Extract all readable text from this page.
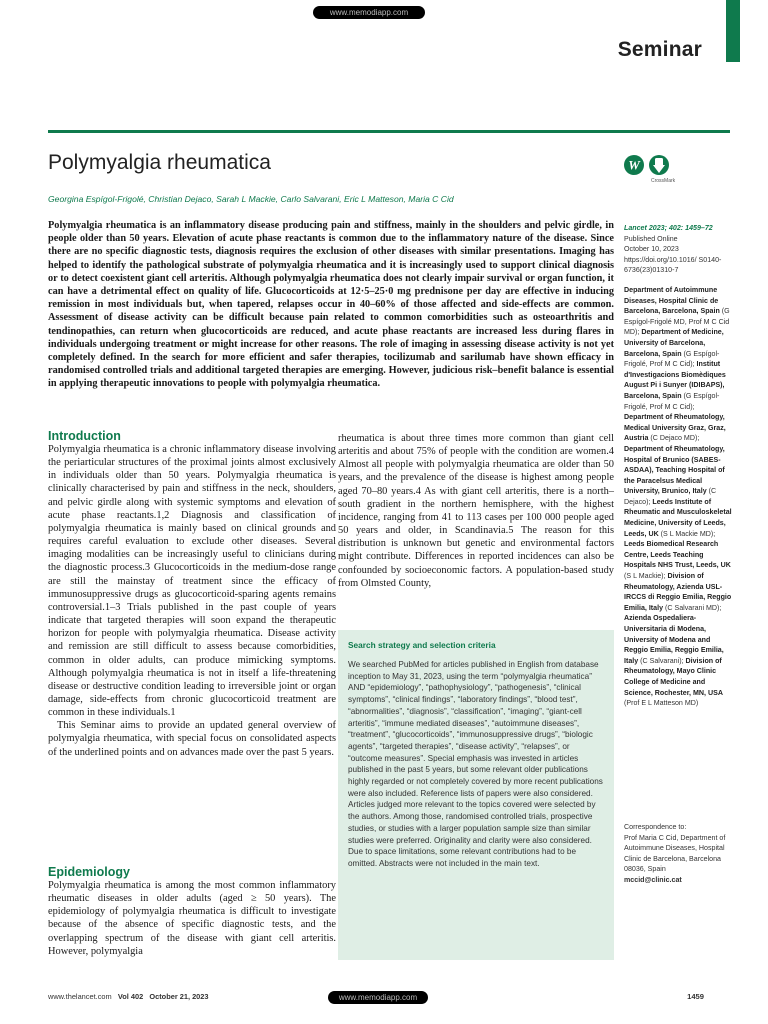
www.memodiapp.com
Seminar
Polymyalgia rheumatica	W
CrossMark
Georgina Espígol-Frigolé, Christian Dejaco, Sarah L Mackie, Carlo Salvarani, Eric L Matteson, Maria C Cid

Polymyalgia rheumatica is an inflammatory disease producing pain and stiffness, mainly in the shoulders and pelvic girdle, in people older than 50 years. Elevation of acute phase reactants is common due to the inflammatory nature of the disease. Since there are no specific diagnostic tests, diagnosis requires the exclusion of other diseases with similar presentations. Imaging has helped to identify the pathological substrate of polymyalgia rheumatica and it is increasingly used to support clinical diagnosis or to detect coexistent giant cell arteritis. Although polymyalgia rheumatica does not clearly impair survival or organ function, it can have a detrimental effect on quality of life. Glucocorticoids at 12·5–25·0 mg prednisone per day are effective in inducing remission in most individuals but, when tapered, relapses occur in 40–60% of those affected and side-effects are common. Assessment of disease activity can be difficult because pain related to common comorbidities such as osteoarthritis and tendinopathies, can return when glucocorticoids are reduced, and acute phase reactants are increased less during flares in individuals undergoing treatment or might increase for other reasons. The role of imaging in assessing disease activity is not yet completely defined. In the search for more efficient and safer therapies, tocilizumab and sarilumab have shown efficacy in randomised controlled trials and additional targeted therapies are emerging. However, judicious risk–benefit balance is essential in applying therapeutic innovations to people with polymyalgia rheumatica.

Lancet 2023; 402: 1459–72
Published Online
October 10, 2023
https://doi.org/10.1016/ S0140-6736(23)01310-7

Department of Autoimmune Diseases, Hospital Clinic de Barcelona, Barcelona, Spain (G Espígol-Frigolé MD, Prof M C Cid MD); Department of Medicine, University of Barcelona, Barcelona, Spain (G Espígol-Frigolé, Prof M C Cid); Institut d'Investigacions Biomèdiques August Pi i Sunyer (IDIBAPS), Barcelona, Spain (G Espígol-Frigolé, Prof M C Cid); Department of Rheumatology, Medical University Graz, Graz, Austria (C Dejaco MD); Department of Rheumatology, Hospital of Brunico (SABES-ASDAA), Teaching Hospital of the Paracelsus Medical University, Brunico, Italy (C Dejaco); Leeds Institute of Rheumatic and Musculoskeletal Medicine, University of Leeds, Leeds, UK (S L Mackie MD); Leeds Biomedical Research Centre, Leeds Teaching Hospitals NHS Trust, Leeds, UK (S L Mackie); Division of Rheumatology, Azienda USL-IRCCS di Reggio Emilia, Reggio Emilia, Italy (C Salvarani MD); Azienda Ospedaliera-Universitaria di Modena, University of Modena and Reggio Emilia, Reggio Emilia, Italy (C Salvarani); Division of Rheumatology, Mayo Clinic College of Medicine and Science, Rochester, MN, USA (Prof E L Matteson MD)

Correspondence to:
Prof Maria C Cid, Department of Autoimmune Diseases, Hospital Clinic de Barcelona, Barcelona 08036, Spain
mccid@clinic.cat

Introduction

Polymyalgia rheumatica is a chronic inflammatory disease involving the periarticular structures of the proximal joints almost exclusively in individuals older than 50 years. Polymyalgia rheumatica is clinically characterised by pain and stiffness in the neck, shoulders, and pelvic girdle along with systemic symptoms and elevation of acute phase reactants.1,2 Diagnosis and classification of polymyalgia rheumatica is mainly based on clinical grounds and requires careful evaluation to exclude other diseases. Several imaging modalities can be increasingly useful to clinicians during the diagnostic process.3 Glucocorticoids in the medium-dose range are still the mainstay of treatment since the efficacy of immunosuppressive drugs as glucocorticoid-sparing agents remains controversial.1–3 Trials published in the past couple of years indicate that targeted therapies will soon expand the therapeutic horizon for people with polymyalgia rheumatica. Disease activity and remission are still difficult to assess because comorbidities, common in older adults, can produce mimicking symptoms. Although polymyalgia rheumatica is not in itself a life-threatening disease or destructive condition leading to irreversible joint or organ damage, side-effects from chronic glucocorticoid treatment are common in these individuals.1

This Seminar aims to provide an updated general overview of polymyalgia rheumatica, with special focus on consolidated aspects of the underlined points and on advances made over the past 5 years.

Epidemiology

Polymyalgia rheumatica is among the most common inflammatory rheumatic diseases in older adults (aged ≥ 50 years). The epidemiology of polymyalgia rheumatica is difficult to investigate because of the absence of specific diagnostic tests, and the overlapping spectrum of the disease with giant cell arteritis. However, polymyalgia

rheumatica is about three times more common than giant cell arteritis and about 75% of people with the condition are women.4 Almost all people with polymyalgia rheumatica are older than 50 years, and the prevalence of the disease is highest among people aged 70–80 years.4 As with giant cell arteritis, there is a north–south gradient in the northern hemisphere, with the highest incidence, ranging from 41 to 113 cases per 100 000 people aged 50 years and older, in Scandinavia.5 The reason for this distribution is unknown but genetic and environmental factors might contribute. Differences in reported incidences can also be confounded by socioeconomic factors. A population-based study from Olmsted County,

Search strategy and selection criteria

We searched PubMed for articles published in English from database inception to May 31, 2023, using the term “polymyalgia rheumatica” AND “epidemiology”, “pathophysiology”, “pathogenesis”, “clinical symptoms”, “clinical findings”, “laboratory findings”, “blood test”, “abnormalities”, “diagnosis”, “classification”, “imaging”, “giant-cell arteritis”, “immune mediated diseases”, “autoimmune diseases”, “treatment”, “glucocorticoids”, “immunosuppressive drugs”, “biologic agents”, “targeted therapies”, “disease activity”, “relapses”, or “outcome measures”. Special emphasis was invested in articles published in the past 5 years, but some relevant older publications highly regarded or not completely covered by more recent publications were also included. Reference lists of papers were also considered. Articles judged more relevant to the topics covered were selected by the authors. Among those, randomised controlled trials, prospective studies, or studies with a larger population sample size than similar studies were preferred. Originality and clarity were also considered. Due to space limitations, some relevant contributions had to be omitted. Abstracts were not included in the main text.

www.thelancet.com Vol 402 October 21, 2023	www.memodiapp.com	1459
